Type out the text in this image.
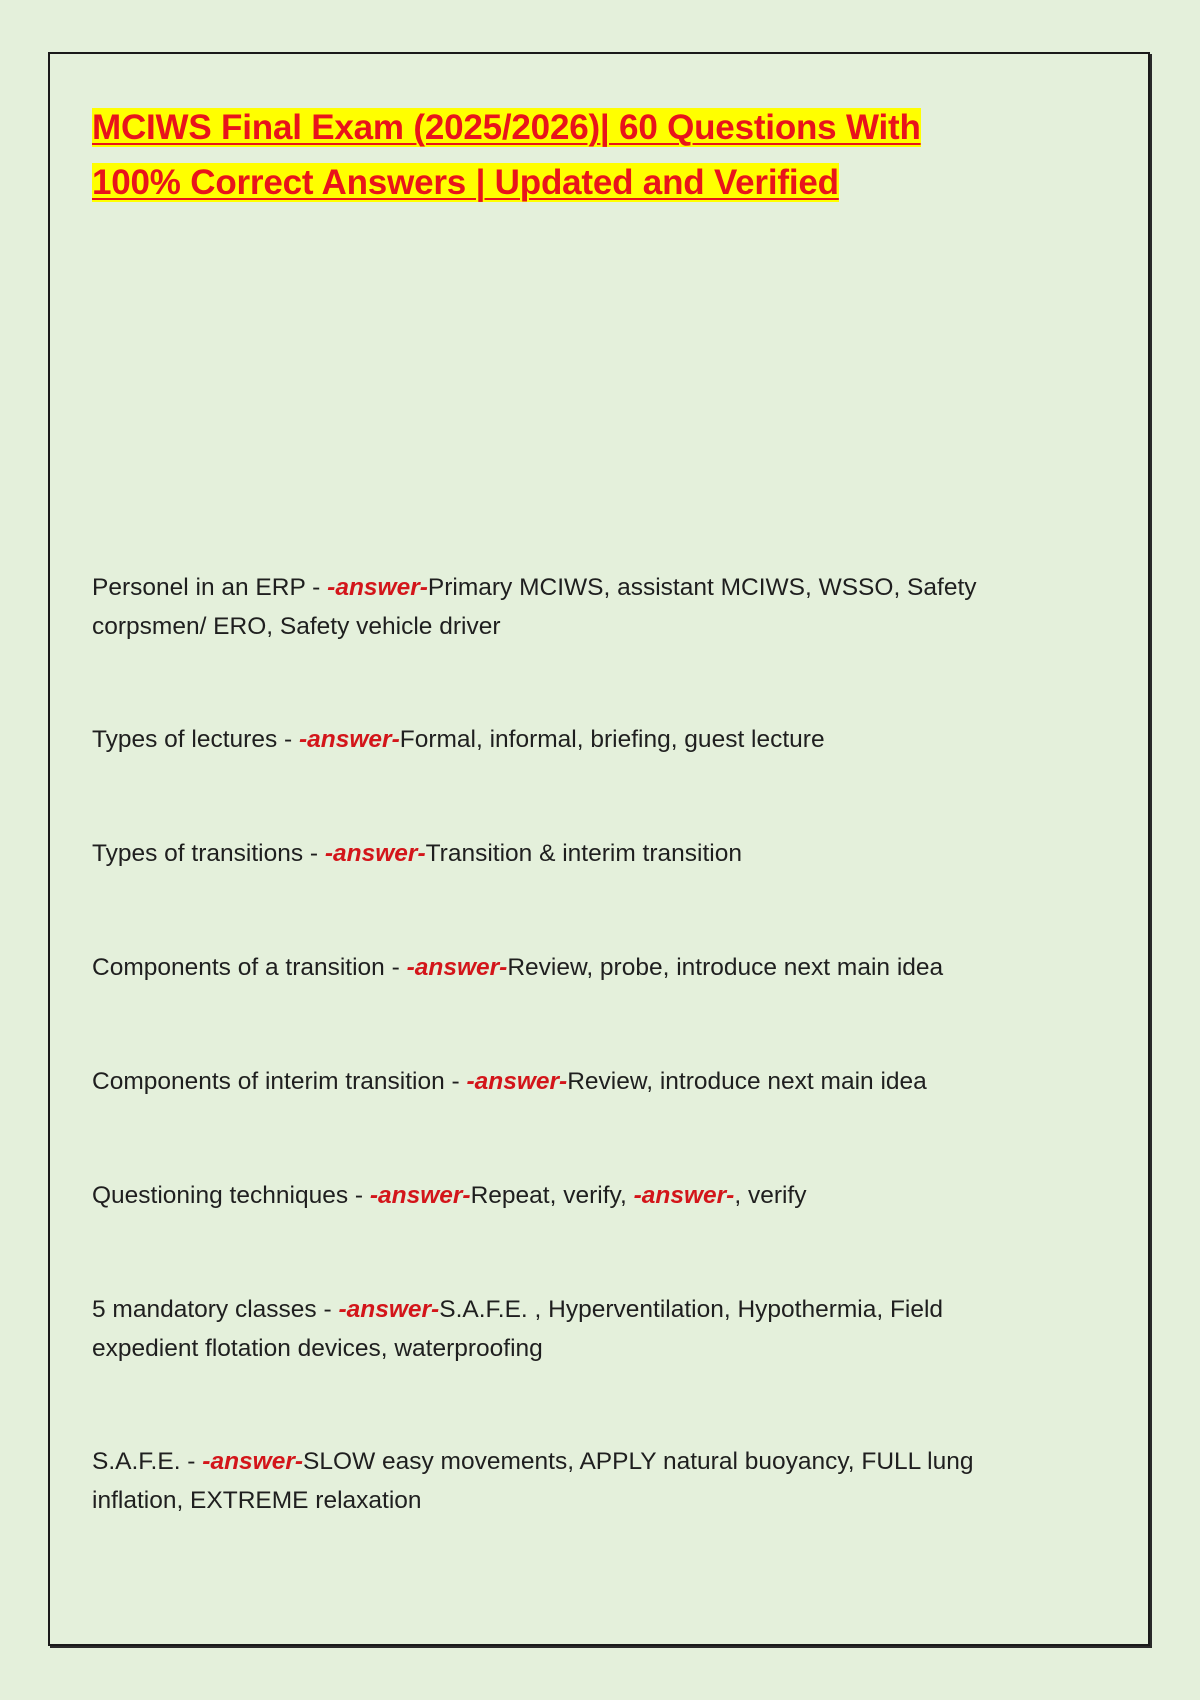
MCIWS Final Exam (2025/2026)| 60 Questions With 100% Correct Answers | Updated and Verified

Personel in an ERP - -answer-Primary MCIWS, assistant MCIWS, WSSO, Safety corpsmen/ ERO, Safety vehicle driver

Types of lectures - -answer-Formal, informal, briefing, guest lecture

Types of transitions - -answer-Transition & interim transition

Components of a transition - -answer-Review, probe, introduce next main idea

Components of interim transition - -answer-Review, introduce next main idea

Questioning techniques - -answer-Repeat, verify, -answer-, verify

5 mandatory classes - -answer-S.A.F.E. , Hyperventilation, Hypothermia, Field expedient flotation devices, waterproofing

S.A.F.E. - -answer-SLOW easy movements, APPLY natural buoyancy, FULL lung inflation, EXTREME relaxation
